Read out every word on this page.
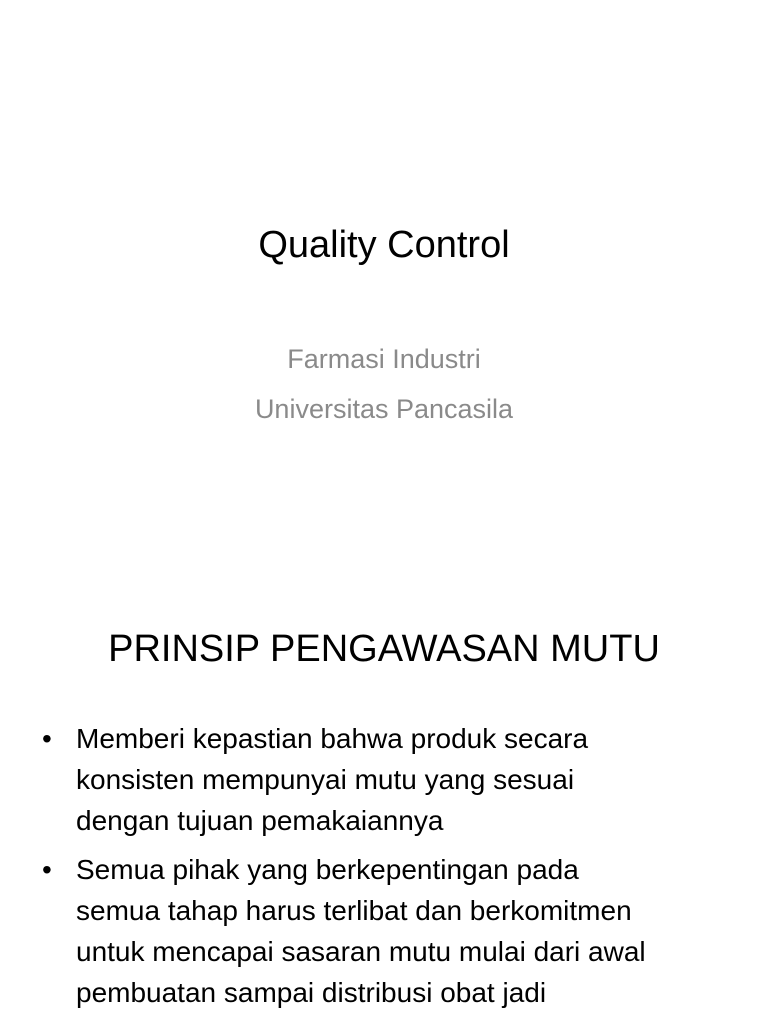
Quality Control
Farmasi Industri
Universitas Pancasila
PRINSIP PENGAWASAN MUTU
• Memberi kepastian bahwa produk secara
konsisten mempunyai mutu yang sesuai
dengan tujuan pemakaiannya
• Semua pihak yang berkepentingan pada
semua tahap harus terlibat dan berkomitmen
untuk mencapai sasaran mutu mulai dari awal
pembuatan sampai distribusi obat jadi
